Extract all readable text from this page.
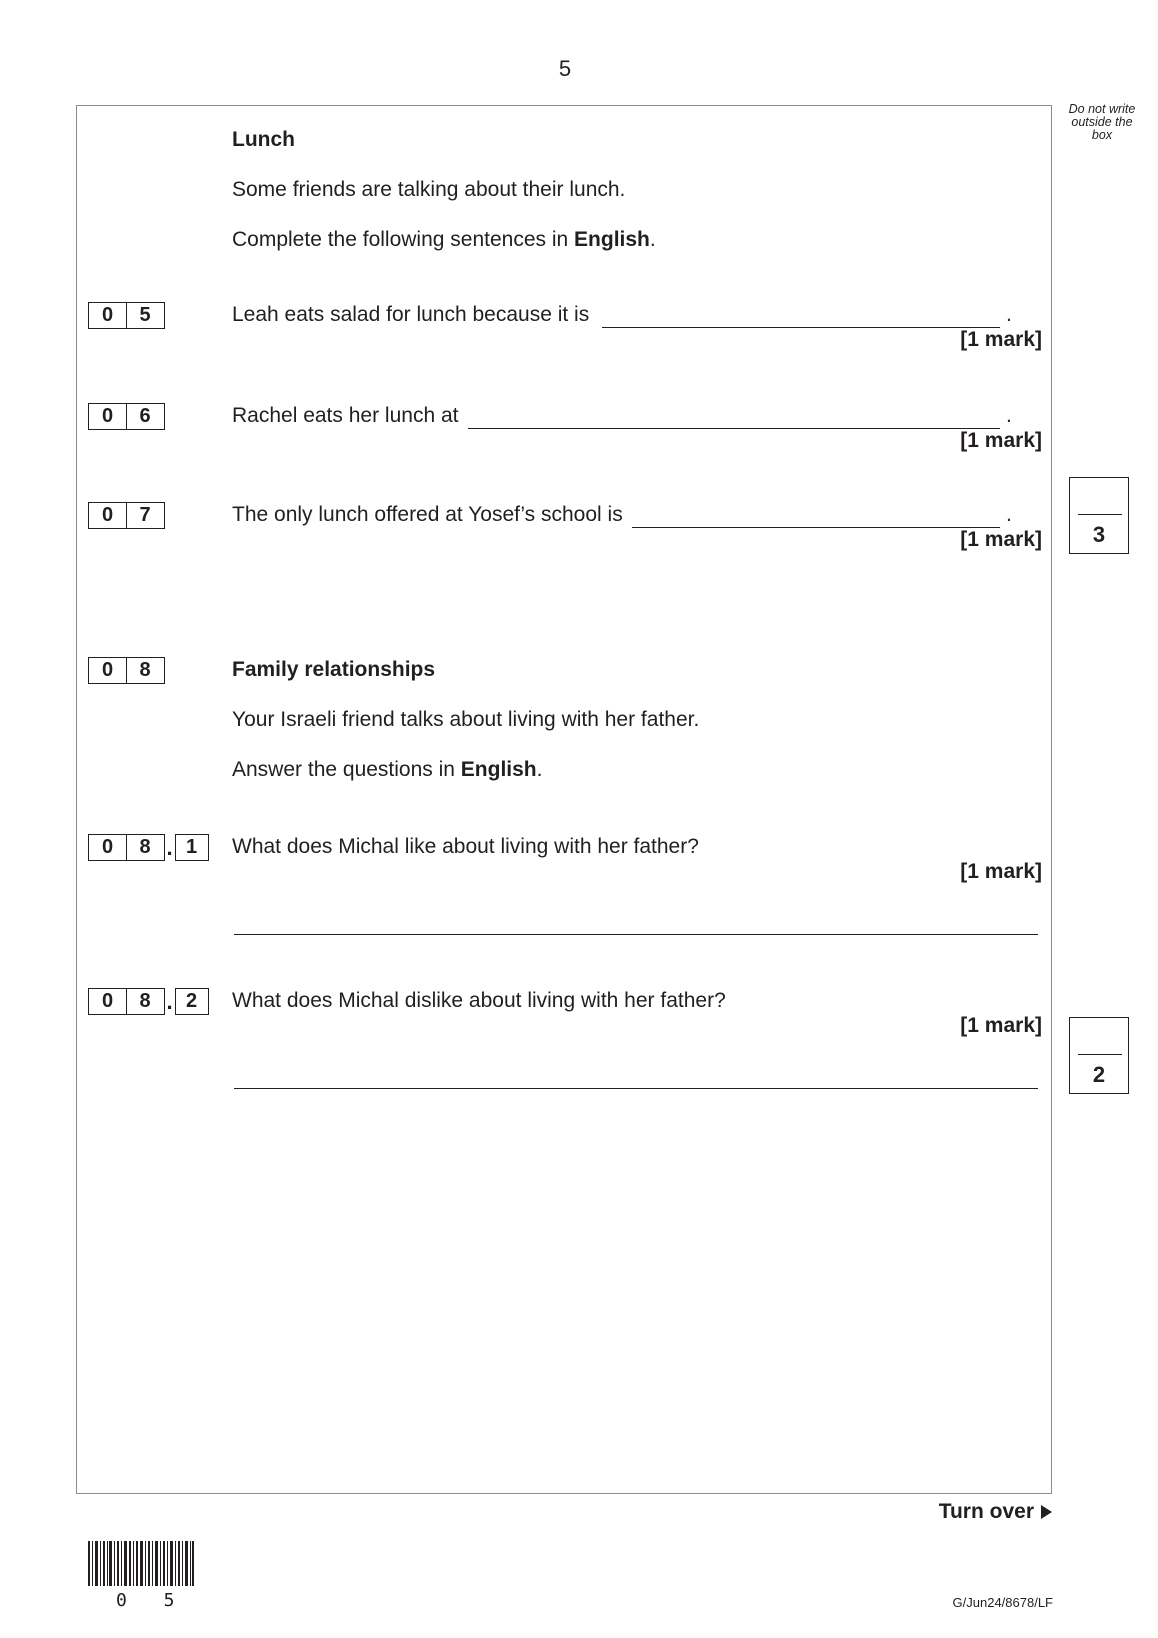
5
Do not write outside the box
Lunch
Some friends are talking about their lunch.
Complete the following sentences in English.
0	5	Leah eats salad for lunch because it is	.
[1 mark]
0	6	Rachel eats her lunch at	.
[1 mark]
0	7	The only lunch offered at Yosef’s school is	.
[1 mark]	3
0	8	Family relationships
Your Israeli friend talks about living with her father.
Answer the questions in English.
0	8 . 1	What does Michal like about living with her father?
[1 mark]
0	8 . 2	What does Michal dislike about living with her father?
[1 mark]
2
Turn over
0 5	G/Jun24/8678/LF
